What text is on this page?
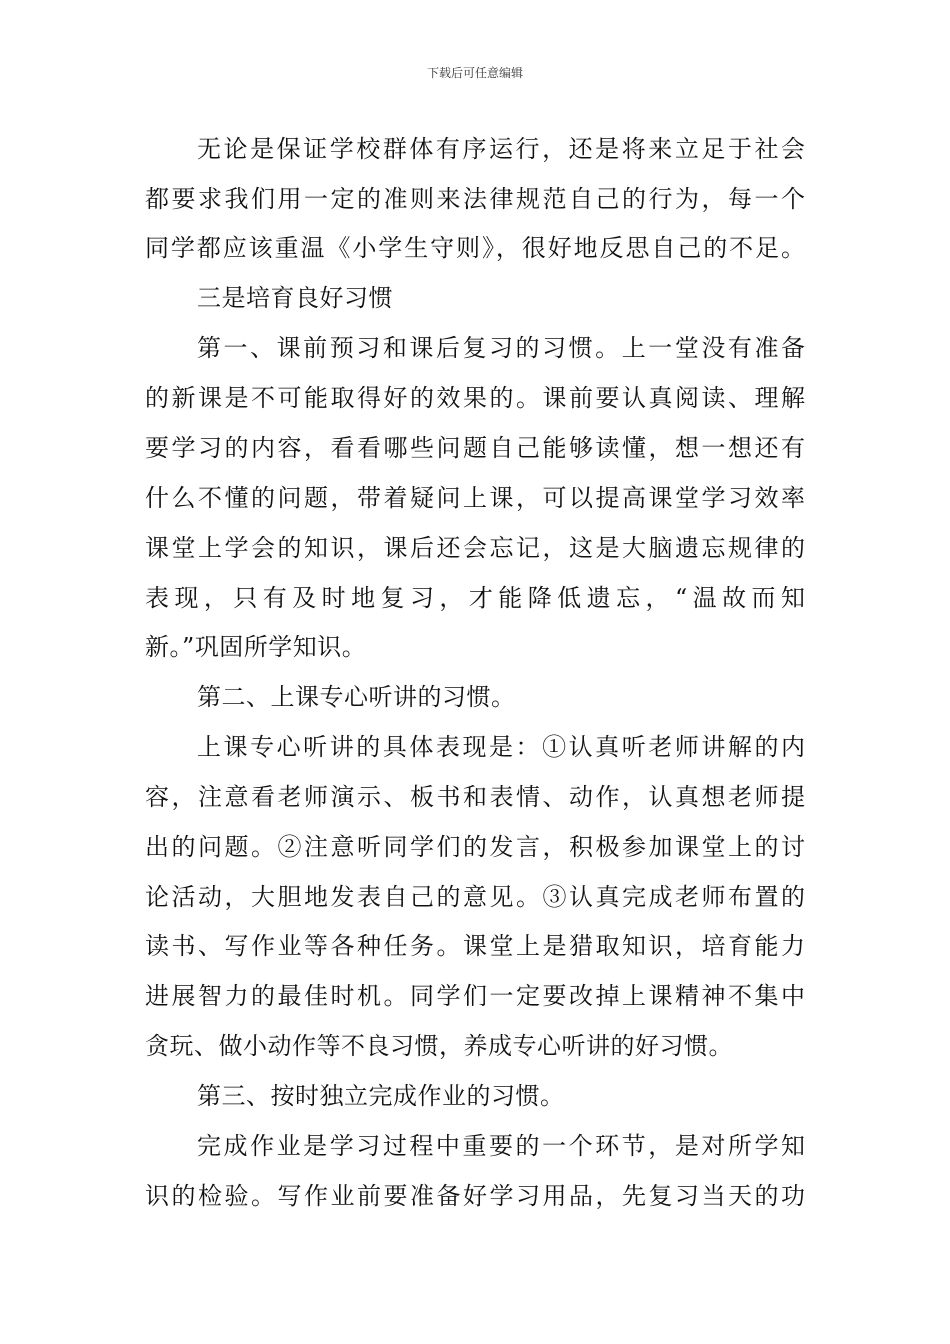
下载后可任意编辑
无论是保证学校群体有序运行，还是将来立足于社会
都要求我们用一定的准则来法律规范自己的行为，每一个
同学都应该重温《小学生守则》，很好地反思自己的不足。
三是培育良好习惯
第一、课前预习和课后复习的习惯。上一堂没有准备
的新课是不可能取得好的效果的。课前要认真阅读、理解
要学习的内容，看看哪些问题自己能够读懂，想一想还有
什么不懂的问题，带着疑问上课，可以提高课堂学习效率
课堂上学会的知识，课后还会忘记，这是大脑遗忘规律的
表现，只有及时地复习，才能降低遗忘，“温故而知
新。”巩固所学知识。
第二、上课专心听讲的习惯。
上课专心听讲的具体表现是：①认真听老师讲解的内
容，注意看老师演示、板书和表情、动作，认真想老师提
出的问题。②注意听同学们的发言，积极参加课堂上的讨
论活动，大胆地发表自己的意见。③认真完成老师布置的
读书、写作业等各种任务。课堂上是猎取知识，培育能力
进展智力的最佳时机。同学们一定要改掉上课精神不集中
贪玩、做小动作等不良习惯，养成专心听讲的好习惯。
第三、按时独立完成作业的习惯。
完成作业是学习过程中重要的一个环节，是对所学知
识的检验。写作业前要准备好学习用品，先复习当天的功
